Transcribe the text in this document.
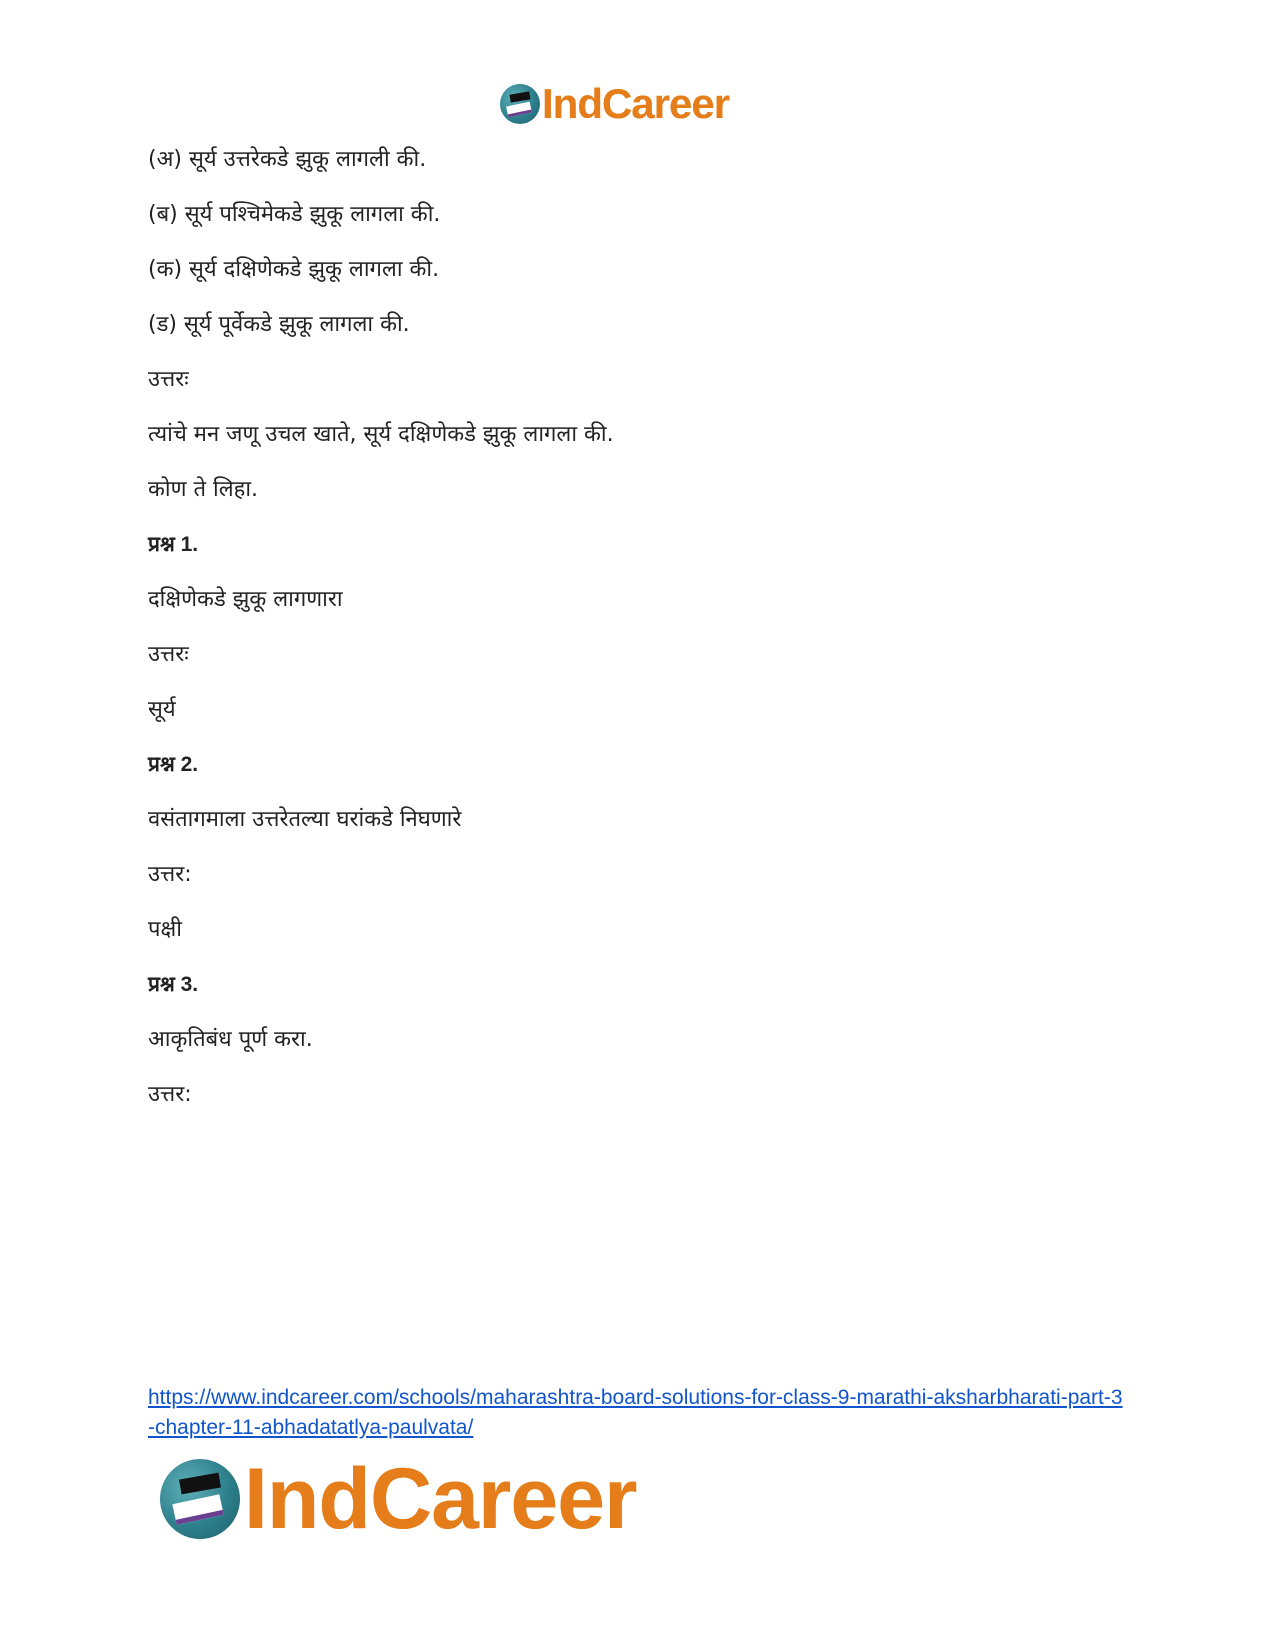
IndCareer
(अ) सूर्य उत्तरेकडे झुकू लागली की.
(ब) सूर्य पश्चिमेकडे झुकू लागला की.
(क) सूर्य दक्षिणेकडे झुकू लागला की.
(ड) सूर्य पूर्वेकडे झुकू लागला की.
उत्तरः
त्यांचे मन जणू उचल खाते, सूर्य दक्षिणेकडे झुकू लागला की.
कोण ते लिहा.
प्रश्न 1.
दक्षिणेकडे झुकू लागणारा
उत्तरः
सूर्य
प्रश्न 2.
वसंतागमाला उत्तरेतल्या घरांकडे निघणारे
उत्तर:
पक्षी
प्रश्न 3.
आकृतिबंध पूर्ण करा.
उत्तर:
https://www.indcareer.com/schools/maharashtra-board-solutions-for-class-9-marathi-aksharbharati-part-3-chapter-11-abhadatatlya-paulvata/
IndCareer
